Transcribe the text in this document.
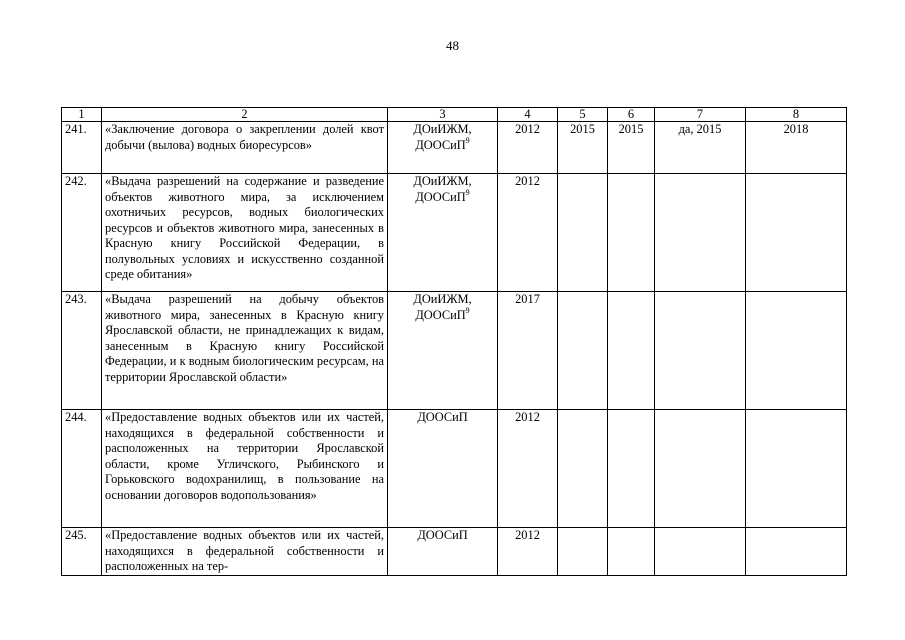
48
1	2	3	4	5	6	7	8
241.	«Заключение договора о закреплении долей квот добычи (вылова) водных биоресурсов»	ДОиИЖМ,
ДООСиП$^9$	2012	2015	2015	да, 2015	2018
242.	«Выдача разрешений на содержание и разведение объектов животного мира, за исключением охотничьих ресурсов, водных биологических ресурсов и объектов животного мира, занесенных в Красную книгу Российской Федерации, в полувольных условиях и искусственно созданной среде обитания»	ДОиИЖМ,
ДООСиП$^9$	2012				
243.	«Выдача разрешений на добычу объектов животного мира, занесенных в Красную книгу Ярославской области, не принадлежащих к видам, занесенным в Красную книгу Российской Федерации, и к водным биологическим ресурсам, на территории Ярославской области»	ДОиИЖМ,
ДООСиП$^9$	2017				
244.	«Предоставление водных объектов или их частей, находящихся в федеральной собственности и расположенных на территории Ярославской области, кроме Угличского, Рыбинского и Горьковского водохранилищ, в пользование на основании договоров водопользования»	ДООСиП	2012				
245.	«Предоставление водных объектов или их частей, находящихся в федеральной собственности и расположенных на тер-	ДООСиП	2012				
